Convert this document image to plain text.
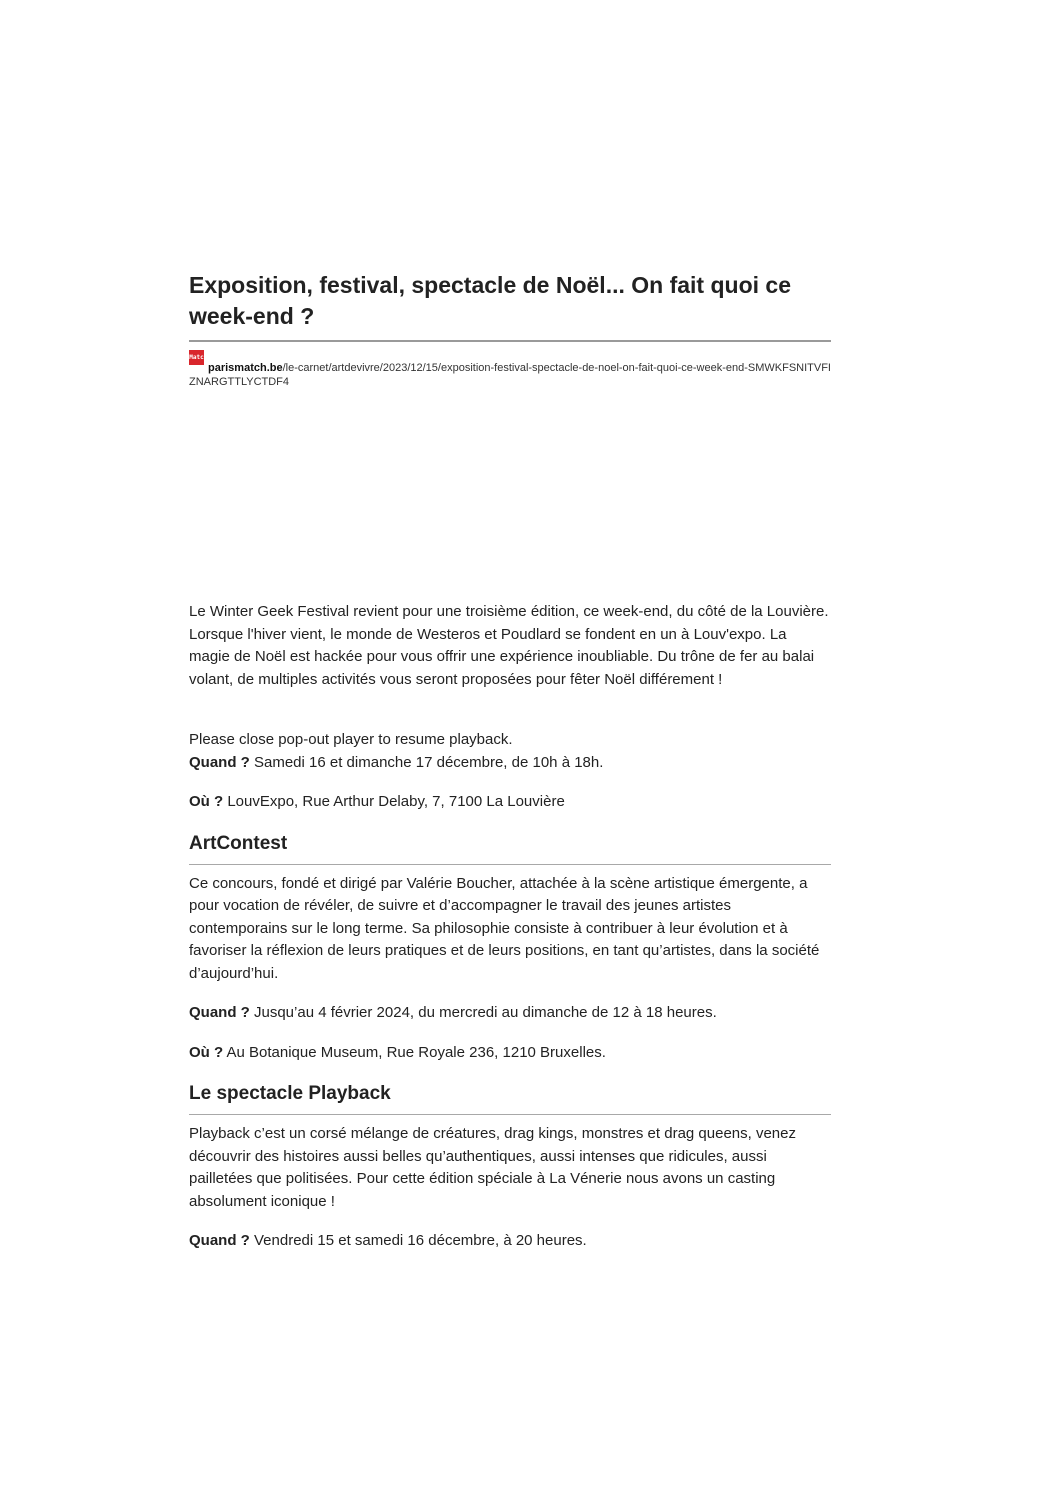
Exposition, festival, spectacle de Noël... On fait quoi ce week-end ?
Match parismatch.be/le-carnet/artdevivre/2023/12/15/exposition-festival-spectacle-de-noel-on-fait-quoi-ce-week-end-SMWKFSNITVFIZNARGTTLYCTDF4

Le Winter Geek Festival revient pour une troisième édition, ce week-end, du côté de la Louvière. Lorsque l'hiver vient, le monde de Westeros et Poudlard se fondent en un à Louv'expo. La magie de Noël est hackée pour vous offrir une expérience inoubliable. Du trône de fer au balai volant, de multiples activités vous seront proposées pour fêter Noël différement !

Please close pop-out player to resume playback.

Quand ? Samedi 16 et dimanche 17 décembre, de 10h à 18h.

Où ? LouvExpo, Rue Arthur Delaby, 7, 7100 La Louvière

ArtContest

Ce concours, fondé et dirigé par Valérie Boucher, attachée à la scène artistique émergente, a pour vocation de révéler, de suivre et d’accompagner le travail des jeunes artistes contemporains sur le long terme. Sa philosophie consiste à contribuer à leur évolution et à favoriser la réflexion de leurs pratiques et de leurs positions, en tant qu’artistes, dans la société d’aujourd’hui.

Quand ? Jusqu’au 4 février 2024, du mercredi au dimanche de 12 à 18 heures.

Où ? Au Botanique Museum, Rue Royale 236, 1210 Bruxelles.

Le spectacle Playback

Playback c’est un corsé mélange de créatures, drag kings, monstres et drag queens, venez découvrir des histoires aussi belles qu’authentiques, aussi intenses que ridicules, aussi pailletées que politisées. Pour cette édition spéciale à La Vénerie nous avons un casting absolument iconique !

Quand ? Vendredi 15 et samedi 16 décembre, à 20 heures.
